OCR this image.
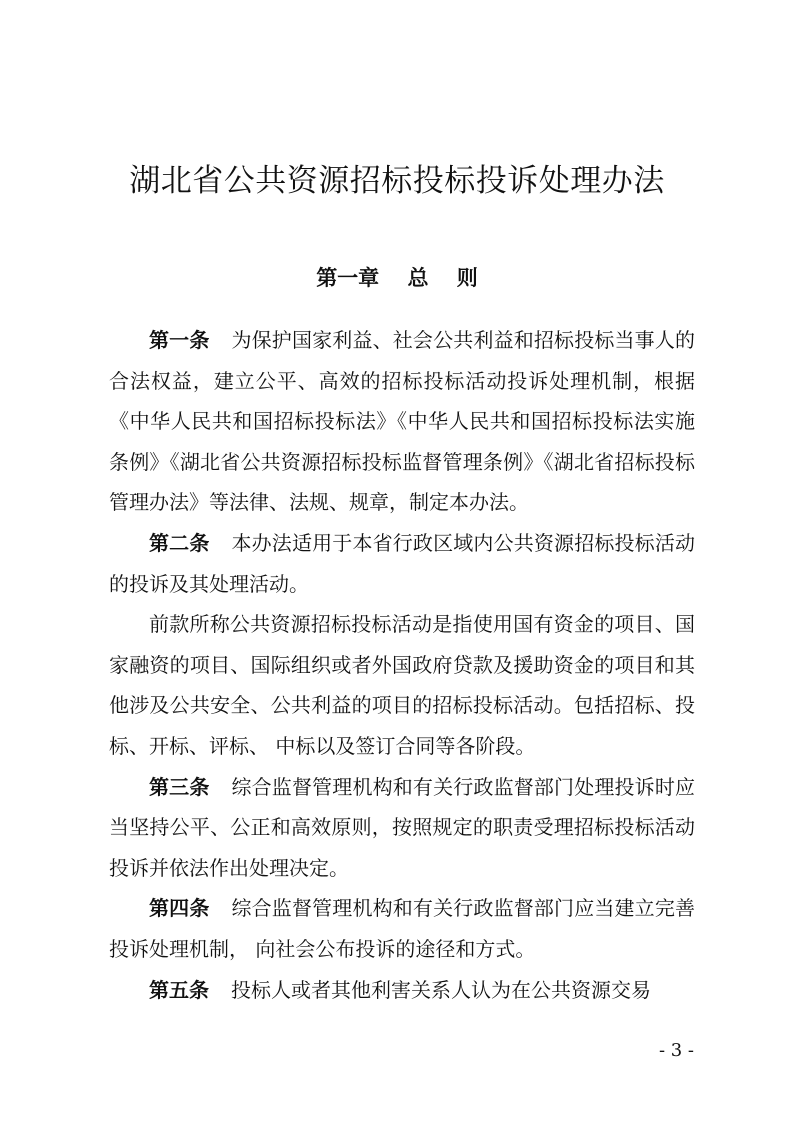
湖北省公共资源招标投标投诉处理办法
第一章　 总　 则

第一条 为保护国家利益、社会公共利益和招标投标当事人的合法权益，建立公平、高效的招标投标活动投诉处理机制，根据《中华人民共和国招标投标法》《中华人民共和国招标投标法实施条例》《湖北省公共资源招标投标监督管理条例》《湖北省招标投标管理办法》等法律、法规、规章，制定本办法。

第二条 本办法适用于本省行政区域内公共资源招标投标活动的投诉及其处理活动。

前款所称公共资源招标投标活动是指使用国有资金的项目、国家融资的项目、国际组织或者外国政府贷款及援助资金的项目和其他涉及公共安全、公共利益的项目的招标投标活动。包括招标、投标、开标、评标、 中标以及签订合同等各阶段。

第三条 综合监督管理机构和有关行政监督部门处理投诉时应当坚持公平、公正和高效原则，按照规定的职责受理招标投标活动投诉并依法作出处理决定。

第四条 综合监督管理机构和有关行政监督部门应当建立完善投诉处理机制， 向社会公布投诉的途径和方式。

第五条 投标人或者其他利害关系人认为在公共资源交易

- 3 -
